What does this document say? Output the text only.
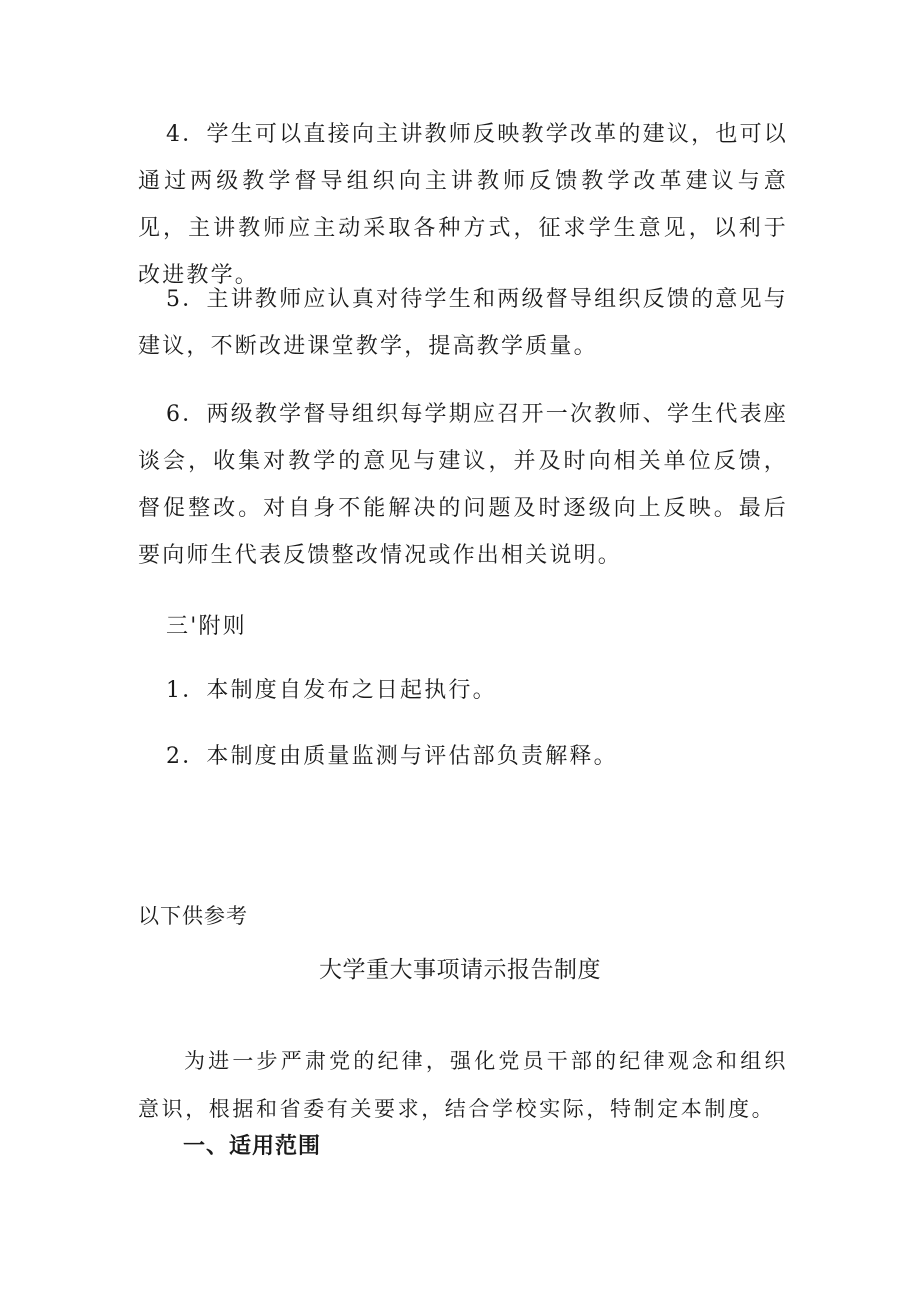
4．学生可以直接向主讲教师反映教学改革的建议，也可以通过两级教学督导组织向主讲教师反馈教学改革建议与意见，主讲教师应主动采取各种方式，征求学生意见，以利于改进教学。

5．主讲教师应认真对待学生和两级督导组织反馈的意见与建议，不断改进课堂教学，提高教学质量。

6．两级教学督导组织每学期应召开一次教师、学生代表座谈会，收集对教学的意见与建议，并及时向相关单位反馈，督促整改。对自身不能解决的问题及时逐级向上反映。最后要向师生代表反馈整改情况或作出相关说明。

三'附则

1．本制度自发布之日起执行。

2．本制度由质量监测与评估部负责解释。

以下供参考

大学重大事项请示报告制度

为进一步严肃党的纪律，强化党员干部的纪律观念和组织意识，根据和省委有关要求，结合学校实际，特制定本制度。

一、适用范围
